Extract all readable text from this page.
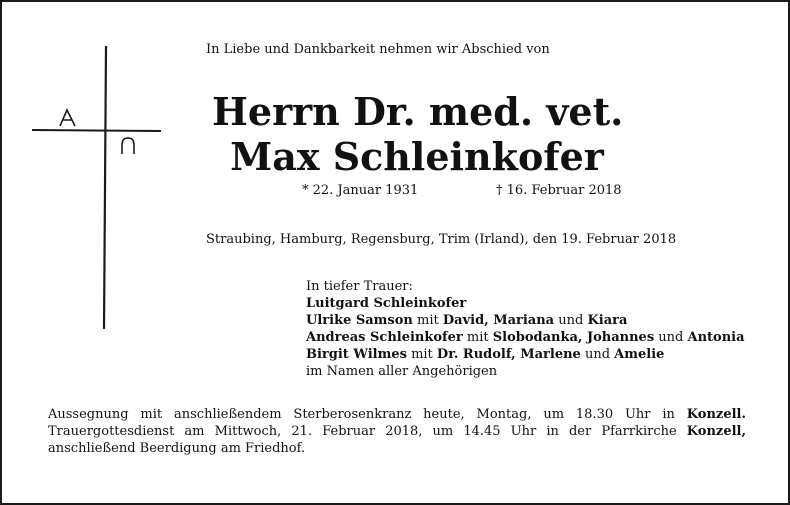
In Liebe und Dankbarkeit nehmen wir Abschied von
Herrn Dr. med. vet.
Max Schleinkofer
* 22. Januar 1931	† 16. Februar 2018
Straubing, Hamburg, Regensburg, Trim (Irland), den 19. Februar 2018
In tiefer Trauer:
Luitgard Schleinkofer
Ulrike Samson mit David, Mariana und Kiara
Andreas Schleinkofer mit Slobodanka, Johannes und Antonia
Birgit Wilmes mit Dr. Rudolf, Marlene und Amelie
im Namen aller Angehörigen
Aussegnung mit anschließendem Sterberosenkranz heute, Montag, um 18.30 Uhr in Konzell.
Trauergottesdienst am Mittwoch, 21. Februar 2018, um 14.45 Uhr in der Pfarrkirche Konzell,
anschließend Beerdigung am Friedhof.
